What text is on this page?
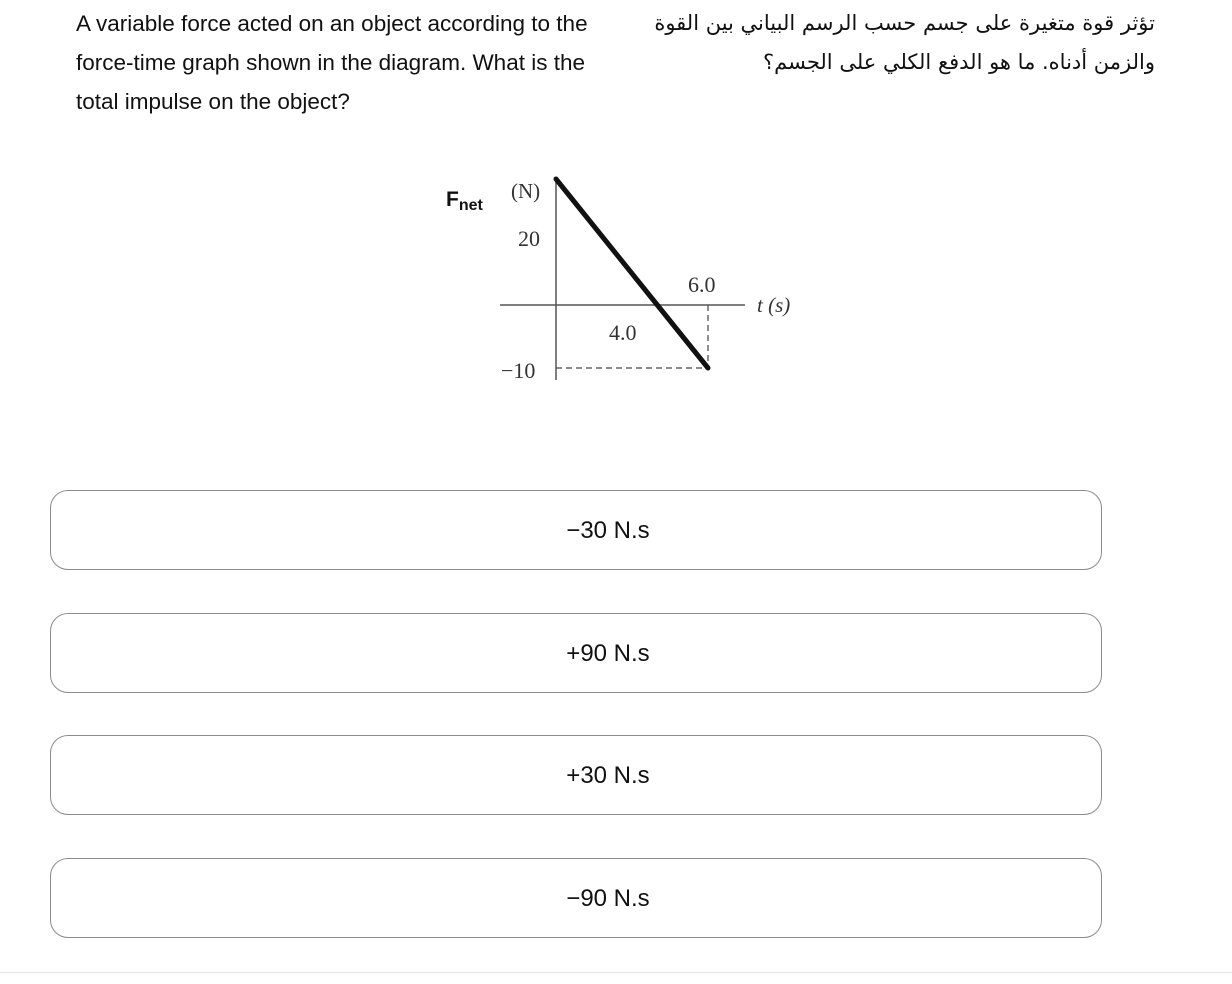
A variable force acted on an object according to the force-time graph shown in the diagram. What is the total impulse on the object?

تؤثر قوة متغيرة على جسم حسب الرسم البياني بين القوة والزمن أدناه. ما هو الدفع الكلي على الجسم؟

Fnet
(N)
20
−10
4.0
6.0
t (s)
−30 N.s
+90 N.s
+30 N.s
−90 N.s
